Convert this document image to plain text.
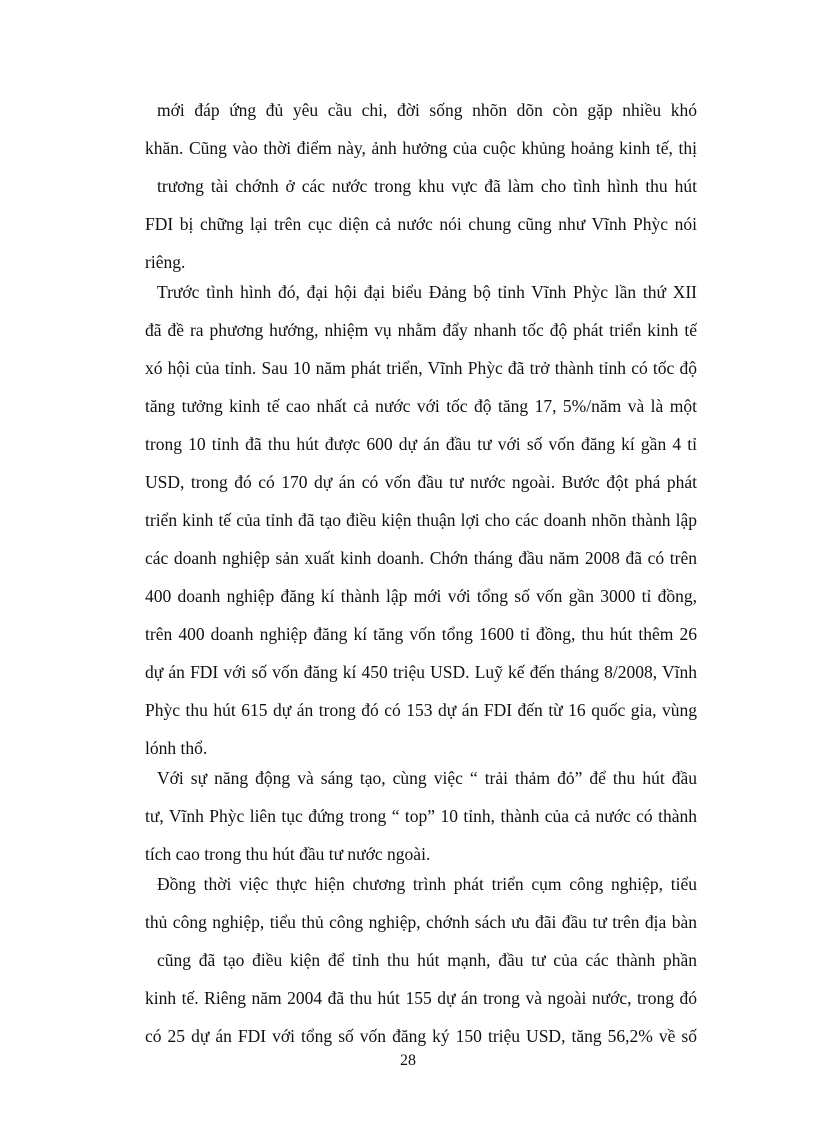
mới đáp ứng đủ yêu cầu chi, đời sống nhõn dõn còn gặp nhiều khó
khăn. Cũng vào thời điểm này, ảnh hưởng của cuộc khủng hoảng kinh tế, thị
trương tài chớnh ở các nước trong khu vực đã làm cho tình hình thu hút
FDI bị chững lại trên cục diện cả nước nói chung cũng như Vĩnh Phỳc nói
riêng.
Trước tình hình đó, đại hội đại biểu Đảng bộ tỉnh Vĩnh Phỳc lần thứ XII
đã đề ra phương hướng, nhiệm vụ nhằm đẩy nhanh tốc độ phát triển kinh tế
xó hội của tỉnh. Sau 10 năm phát triển, Vĩnh Phỳc đã trở thành tỉnh có tốc độ
tăng tưởng kinh tế cao nhất cả nước với tốc độ tăng 17, 5%/năm và là một
trong 10 tỉnh đã thu hút được 600 dự án đầu tư với số vốn đăng kí gần 4 tỉ
USD, trong đó có 170 dự án có vốn đầu tư nước ngoài. Bước đột phá phát
triển kinh tế của tỉnh đã tạo điều kiện thuận lợi cho các doanh nhõn thành lập
các doanh nghiệp sản xuất kinh doanh. Chớn tháng đầu năm 2008 đã có trên
400 doanh nghiệp đăng kí thành lập mới với tổng số vốn gần 3000 tỉ đồng,
trên 400 doanh nghiệp đăng kí tăng vốn tổng 1600 tỉ đồng, thu hút thêm 26
dự án FDI với số vốn đăng kí 450 triệu USD. Luỹ kế đến tháng 8/2008, Vĩnh
Phỳc thu hút 615 dự án trong đó có 153 dự án FDI đến từ 16 quốc gia, vùng
lónh thổ.
Với sự năng động và sáng tạo, cùng việc “ trải thảm đỏ” để thu hút đầu
tư, Vĩnh Phỳc liên tục đứng trong “ top” 10 tỉnh, thành của cả nước có thành
tích cao trong thu hút đầu tư nước ngoài.
Đồng thời việc thực hiện chương trình phát triển cụm công nghiệp, tiểu
thủ công nghiệp, tiểu thủ công nghiệp, chớnh sách ưu đãi đầu tư trên địa bàn
cũng đã tạo điều kiện để tỉnh thu hút mạnh, đầu tư của các thành phần
kinh tế. Riêng năm 2004 đã thu hút 155 dự án trong và ngoài nước, trong đó
có 25 dự án FDI với tổng số vốn đăng ký 150 triệu USD, tăng 56,2% về số
28
